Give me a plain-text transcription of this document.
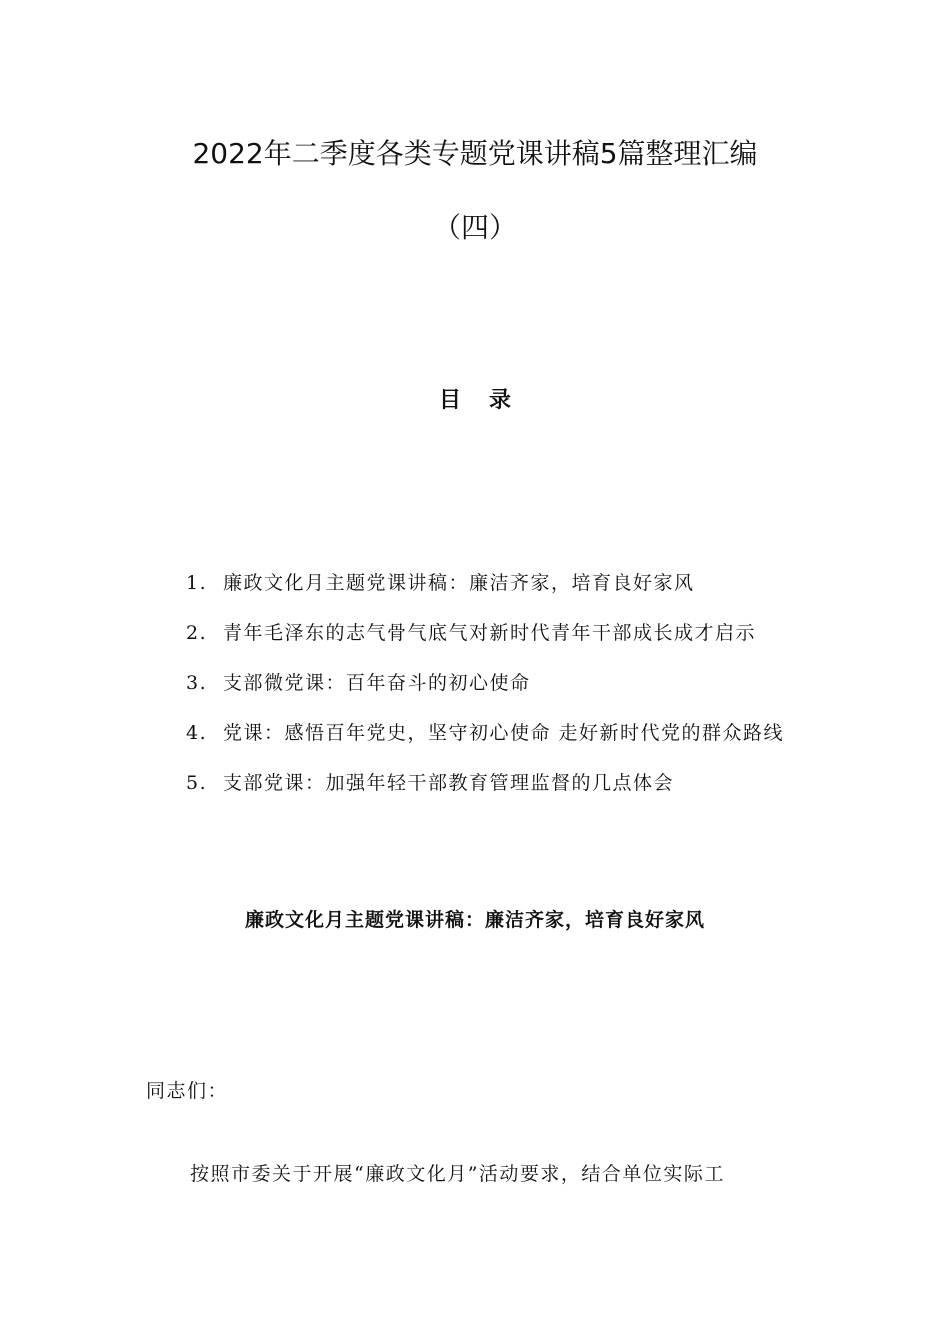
2022年二季度各类专题党课讲稿5篇整理汇编
（四）
目录
1. 廉政文化月主题党课讲稿：廉洁齐家，培育良好家风
2. 青年毛泽东的志气骨气底气对新时代青年干部成长成才启示
3. 支部微党课：百年奋斗的初心使命
4. 党课：感悟百年党史，坚守初心使命 走好新时代党的群众路线
5. 支部党课：加强年轻干部教育管理监督的几点体会
廉政文化月主题党课讲稿：廉洁齐家，培育良好家风
同志们：
按照市委关于开展“廉政文化月”活动要求，结合单位实际工
